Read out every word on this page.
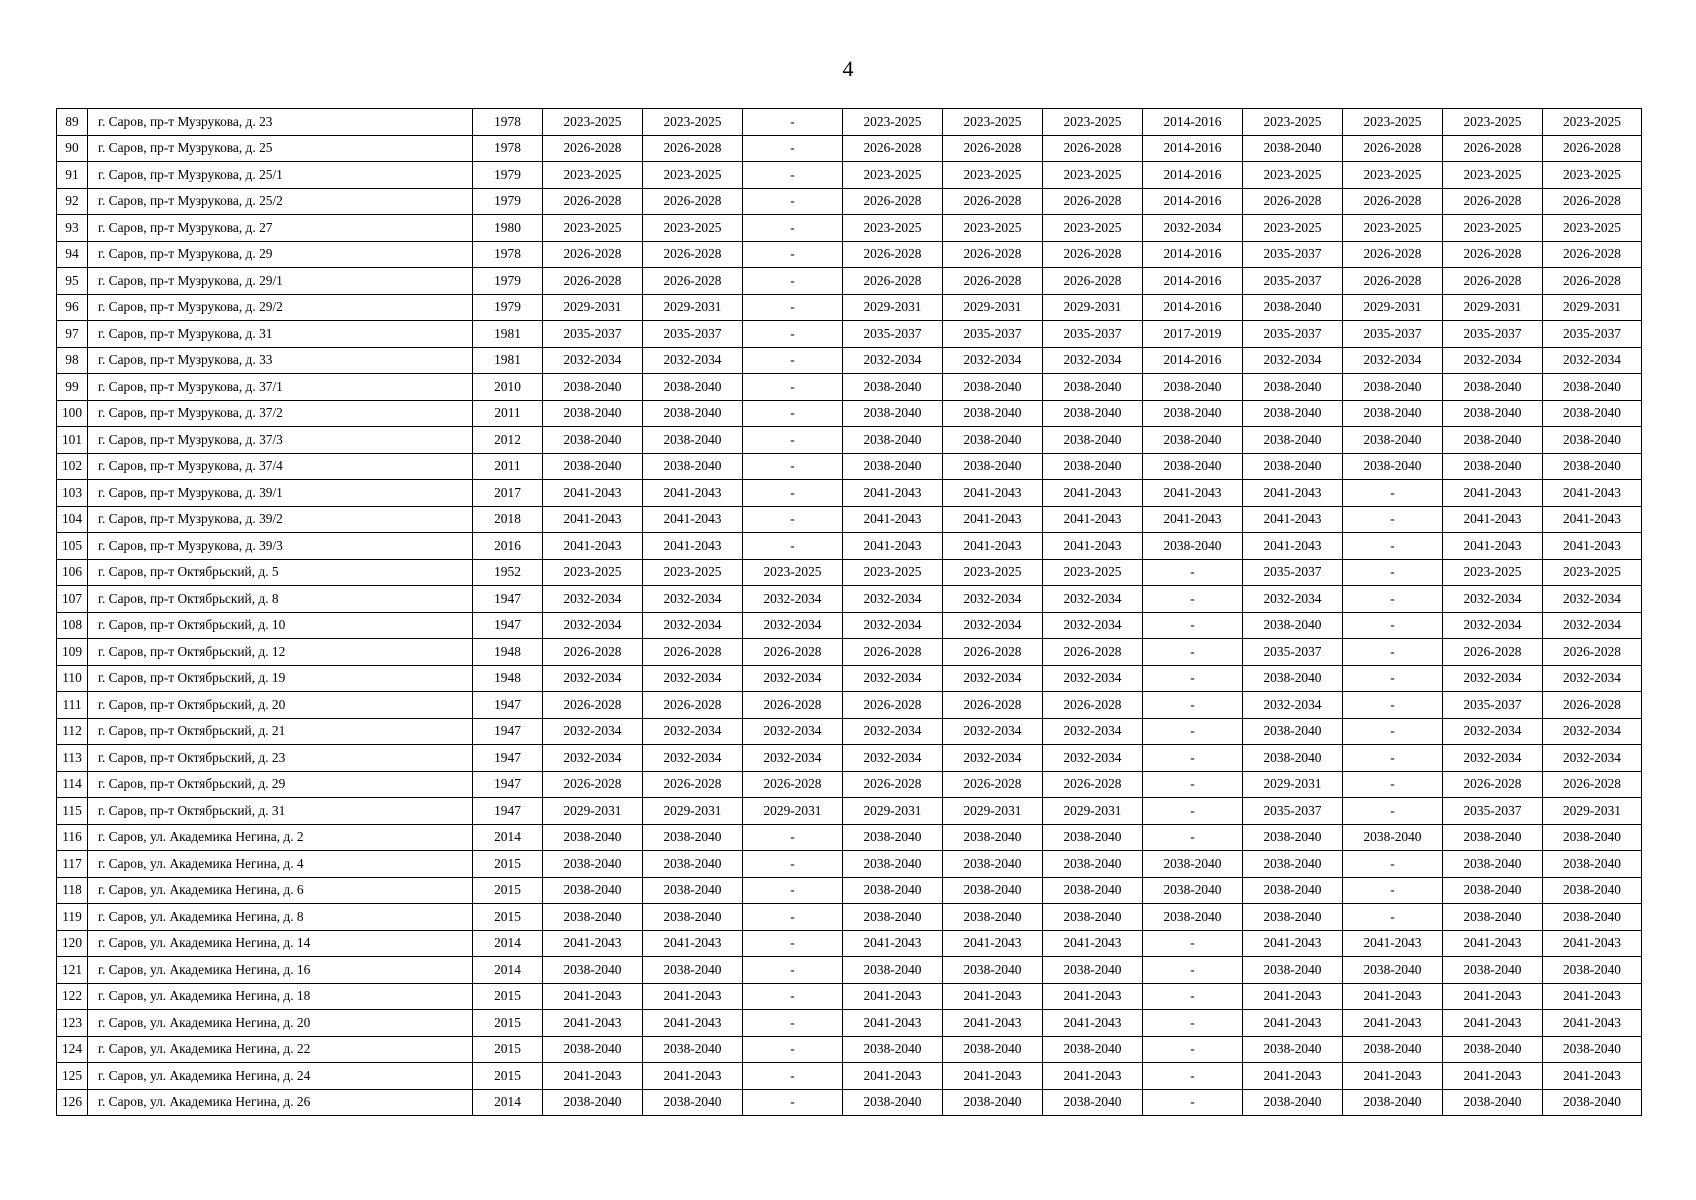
4
89	г. Саров, пр-т Музрукова, д. 23	1978	2023-2025	2023-2025	-	2023-2025	2023-2025	2023-2025	2014-2016	2023-2025	2023-2025	2023-2025	2023-2025
90	г. Саров, пр-т Музрукова, д. 25	1978	2026-2028	2026-2028	-	2026-2028	2026-2028	2026-2028	2014-2016	2038-2040	2026-2028	2026-2028	2026-2028
91	г. Саров, пр-т Музрукова, д. 25/1	1979	2023-2025	2023-2025	-	2023-2025	2023-2025	2023-2025	2014-2016	2023-2025	2023-2025	2023-2025	2023-2025
92	г. Саров, пр-т Музрукова, д. 25/2	1979	2026-2028	2026-2028	-	2026-2028	2026-2028	2026-2028	2014-2016	2026-2028	2026-2028	2026-2028	2026-2028
93	г. Саров, пр-т Музрукова, д. 27	1980	2023-2025	2023-2025	-	2023-2025	2023-2025	2023-2025	2032-2034	2023-2025	2023-2025	2023-2025	2023-2025
94	г. Саров, пр-т Музрукова, д. 29	1978	2026-2028	2026-2028	-	2026-2028	2026-2028	2026-2028	2014-2016	2035-2037	2026-2028	2026-2028	2026-2028
95	г. Саров, пр-т Музрукова, д. 29/1	1979	2026-2028	2026-2028	-	2026-2028	2026-2028	2026-2028	2014-2016	2035-2037	2026-2028	2026-2028	2026-2028
96	г. Саров, пр-т Музрукова, д. 29/2	1979	2029-2031	2029-2031	-	2029-2031	2029-2031	2029-2031	2014-2016	2038-2040	2029-2031	2029-2031	2029-2031
97	г. Саров, пр-т Музрукова, д. 31	1981	2035-2037	2035-2037	-	2035-2037	2035-2037	2035-2037	2017-2019	2035-2037	2035-2037	2035-2037	2035-2037
98	г. Саров, пр-т Музрукова, д. 33	1981	2032-2034	2032-2034	-	2032-2034	2032-2034	2032-2034	2014-2016	2032-2034	2032-2034	2032-2034	2032-2034
99	г. Саров, пр-т Музрукова, д. 37/1	2010	2038-2040	2038-2040	-	2038-2040	2038-2040	2038-2040	2038-2040	2038-2040	2038-2040	2038-2040	2038-2040
100	г. Саров, пр-т Музрукова, д. 37/2	2011	2038-2040	2038-2040	-	2038-2040	2038-2040	2038-2040	2038-2040	2038-2040	2038-2040	2038-2040	2038-2040
101	г. Саров, пр-т Музрукова, д. 37/3	2012	2038-2040	2038-2040	-	2038-2040	2038-2040	2038-2040	2038-2040	2038-2040	2038-2040	2038-2040	2038-2040
102	г. Саров, пр-т Музрукова, д. 37/4	2011	2038-2040	2038-2040	-	2038-2040	2038-2040	2038-2040	2038-2040	2038-2040	2038-2040	2038-2040	2038-2040
103	г. Саров, пр-т Музрукова, д. 39/1	2017	2041-2043	2041-2043	-	2041-2043	2041-2043	2041-2043	2041-2043	2041-2043	-	2041-2043	2041-2043
104	г. Саров, пр-т Музрукова, д. 39/2	2018	2041-2043	2041-2043	-	2041-2043	2041-2043	2041-2043	2041-2043	2041-2043	-	2041-2043	2041-2043
105	г. Саров, пр-т Музрукова, д. 39/3	2016	2041-2043	2041-2043	-	2041-2043	2041-2043	2041-2043	2038-2040	2041-2043	-	2041-2043	2041-2043
106	г. Саров, пр-т Октябрьский, д. 5	1952	2023-2025	2023-2025	2023-2025	2023-2025	2023-2025	2023-2025	-	2035-2037	-	2023-2025	2023-2025
107	г. Саров, пр-т Октябрьский, д. 8	1947	2032-2034	2032-2034	2032-2034	2032-2034	2032-2034	2032-2034	-	2032-2034	-	2032-2034	2032-2034
108	г. Саров, пр-т Октябрьский, д. 10	1947	2032-2034	2032-2034	2032-2034	2032-2034	2032-2034	2032-2034	-	2038-2040	-	2032-2034	2032-2034
109	г. Саров, пр-т Октябрьский, д. 12	1948	2026-2028	2026-2028	2026-2028	2026-2028	2026-2028	2026-2028	-	2035-2037	-	2026-2028	2026-2028
110	г. Саров, пр-т Октябрьский, д. 19	1948	2032-2034	2032-2034	2032-2034	2032-2034	2032-2034	2032-2034	-	2038-2040	-	2032-2034	2032-2034
111	г. Саров, пр-т Октябрьский, д. 20	1947	2026-2028	2026-2028	2026-2028	2026-2028	2026-2028	2026-2028	-	2032-2034	-	2035-2037	2026-2028
112	г. Саров, пр-т Октябрьский, д. 21	1947	2032-2034	2032-2034	2032-2034	2032-2034	2032-2034	2032-2034	-	2038-2040	-	2032-2034	2032-2034
113	г. Саров, пр-т Октябрьский, д. 23	1947	2032-2034	2032-2034	2032-2034	2032-2034	2032-2034	2032-2034	-	2038-2040	-	2032-2034	2032-2034
114	г. Саров, пр-т Октябрьский, д. 29	1947	2026-2028	2026-2028	2026-2028	2026-2028	2026-2028	2026-2028	-	2029-2031	-	2026-2028	2026-2028
115	г. Саров, пр-т Октябрьский, д. 31	1947	2029-2031	2029-2031	2029-2031	2029-2031	2029-2031	2029-2031	-	2035-2037	-	2035-2037	2029-2031
116	г. Саров, ул. Академика Негина, д. 2	2014	2038-2040	2038-2040	-	2038-2040	2038-2040	2038-2040	-	2038-2040	2038-2040	2038-2040	2038-2040
117	г. Саров, ул. Академика Негина, д. 4	2015	2038-2040	2038-2040	-	2038-2040	2038-2040	2038-2040	2038-2040	2038-2040	-	2038-2040	2038-2040
118	г. Саров, ул. Академика Негина, д. 6	2015	2038-2040	2038-2040	-	2038-2040	2038-2040	2038-2040	2038-2040	2038-2040	-	2038-2040	2038-2040
119	г. Саров, ул. Академика Негина, д. 8	2015	2038-2040	2038-2040	-	2038-2040	2038-2040	2038-2040	2038-2040	2038-2040	-	2038-2040	2038-2040
120	г. Саров, ул. Академика Негина, д. 14	2014	2041-2043	2041-2043	-	2041-2043	2041-2043	2041-2043	-	2041-2043	2041-2043	2041-2043	2041-2043
121	г. Саров, ул. Академика Негина, д. 16	2014	2038-2040	2038-2040	-	2038-2040	2038-2040	2038-2040	-	2038-2040	2038-2040	2038-2040	2038-2040
122	г. Саров, ул. Академика Негина, д. 18	2015	2041-2043	2041-2043	-	2041-2043	2041-2043	2041-2043	-	2041-2043	2041-2043	2041-2043	2041-2043
123	г. Саров, ул. Академика Негина, д. 20	2015	2041-2043	2041-2043	-	2041-2043	2041-2043	2041-2043	-	2041-2043	2041-2043	2041-2043	2041-2043
124	г. Саров, ул. Академика Негина, д. 22	2015	2038-2040	2038-2040	-	2038-2040	2038-2040	2038-2040	-	2038-2040	2038-2040	2038-2040	2038-2040
125	г. Саров, ул. Академика Негина, д. 24	2015	2041-2043	2041-2043	-	2041-2043	2041-2043	2041-2043	-	2041-2043	2041-2043	2041-2043	2041-2043
126	г. Саров, ул. Академика Негина, д. 26	2014	2038-2040	2038-2040	-	2038-2040	2038-2040	2038-2040	-	2038-2040	2038-2040	2038-2040	2038-2040
